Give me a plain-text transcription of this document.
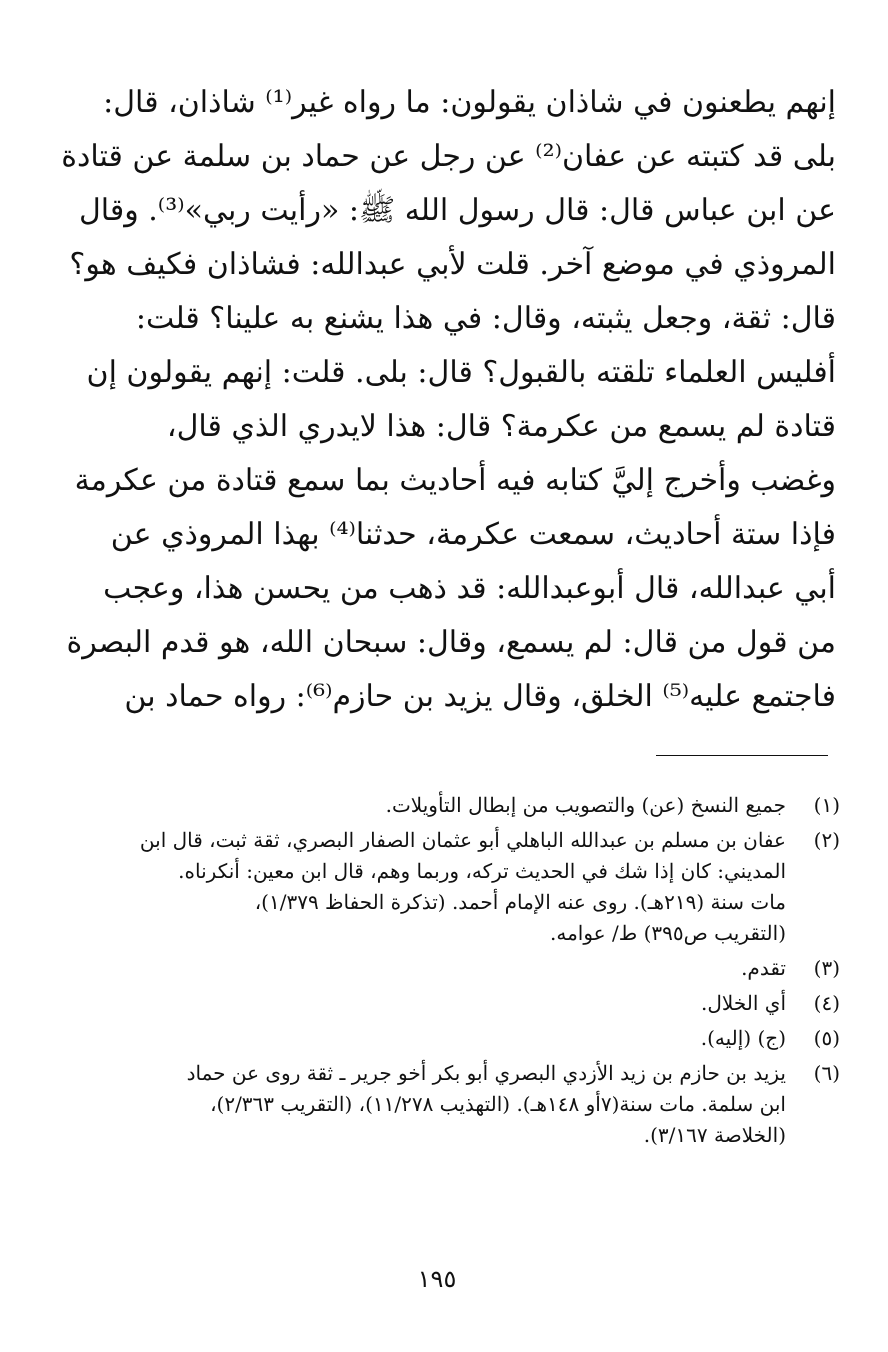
إنهم يطعنون في شاذان يقولون: ما رواه غير⁽¹⁾ شاذان، قال:
بلى قد كتبته عن عفان⁽²⁾ عن رجل عن حماد بن سلمة عن قتادة
عن ابن عباس قال: قال رسول الله ﷺ: «رأيت ربي»⁽³⁾. وقال
المروذي في موضع آخر. قلت لأبي عبدالله: فشاذان فكيف هو؟
قال: ثقة، وجعل يثبته، وقال: في هذا يشنع به علينا؟ قلت:
أفليس العلماء تلقته بالقبول؟ قال: بلى. قلت: إنهم يقولون إن
قتادة لم يسمع من عكرمة؟ قال: هذا لايدري الذي قال،
وغضب وأخرج إليَّ كتابه فيه أحاديث بما سمع قتادة من عكرمة
فإذا ستة أحاديث، سمعت عكرمة، حدثنا⁽⁴⁾ بهذا المروذي عن
أبي عبدالله، قال أبوعبدالله: قد ذهب من يحسن هذا، وعجب
من قول من قال: لم يسمع، وقال: سبحان الله، هو قدم البصرة
فاجتمع عليه⁽⁵⁾ الخلق، وقال يزيد بن حازم⁽⁶⁾: رواه حماد بن
(١)
جميع النسخ (عن) والتصويب من إبطال التأويلات.
(٢)
عفان بن مسلم بن عبدالله الباهلي أبو عثمان الصفار البصري، ثقة ثبت، قال ابن
المديني: كان إذا شك في الحديث تركه، وربما وهم، قال ابن معين: أنكرناه.
مات سنة (٢١٩هـ). روى عنه الإمام أحمد. (تذكرة الحفاظ ١/٣٧٩)،
(التقريب ص٣٩٥) ط/ عوامه.
(٣)
تقدم.
(٤)
أي الخلال.
(٥)
(ج) (إليه).
(٦)
يزيد بن حازم بن زيد الأزدي البصري أبو بكر أخو جرير ـ ثقة روى عن حماد
ابن سلمة. مات سنة(٧أو ١٤٨هـ). (التهذيب ١١/٢٧٨)، (التقريب ٢/٣٦٣)،
(الخلاصة ٣/١٦٧).
١٩٥
